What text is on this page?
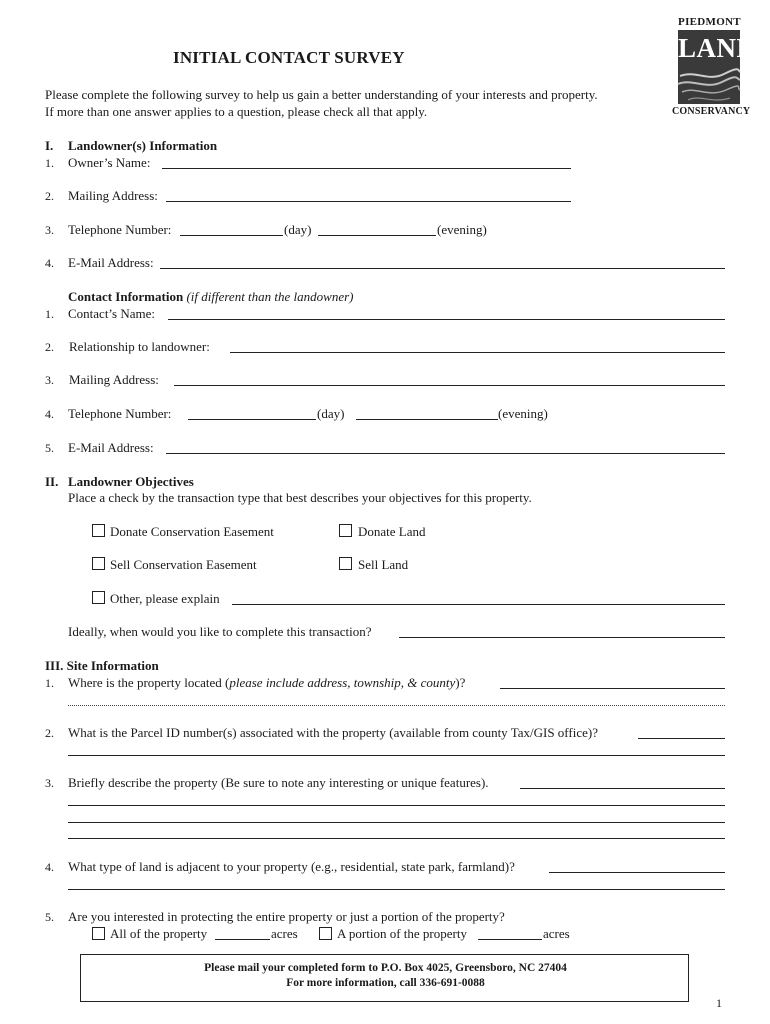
PIEDMONT
LAND
CONSERVANCY
INITIAL CONTACT SURVEY
Please complete the following survey to help us gain a better understanding of your interests and property.
If more than one answer applies to a question, please check all that apply.
I. Landowner(s) Information
1. Owner’s Name:
2. Mailing Address:
3. Telephone Number:	(day)	(evening)
4. E-Mail Address:
Contact Information (if different than the landowner)
1. Contact’s Name:
2. Relationship to landowner:
3. Mailing Address:
4. Telephone Number:	(day)	(evening)
5. E-Mail Address:
II. Landowner Objectives
Place a check by the transaction type that best describes your objectives for this property.
Donate Conservation Easement	Donate Land
Sell Conservation Easement	Sell Land
Other, please explain
Ideally, when would you like to complete this transaction?
III. Site Information
1. Where is the property located (please include address, township, & county)?
2. What is the Parcel ID number(s) associated with the property (available from county Tax/GIS office)?
3. Briefly describe the property (Be sure to note any interesting or unique features).
4. What type of land is adjacent to your property (e.g., residential, state park, farmland)?
5. Are you interested in protecting the entire property or just a portion of the property?
All of the property	acres	A portion of the property	acres
Please mail your completed form to P.O. Box 4025, Greensboro, NC 27404
For more information, call 336-691-0088
1
